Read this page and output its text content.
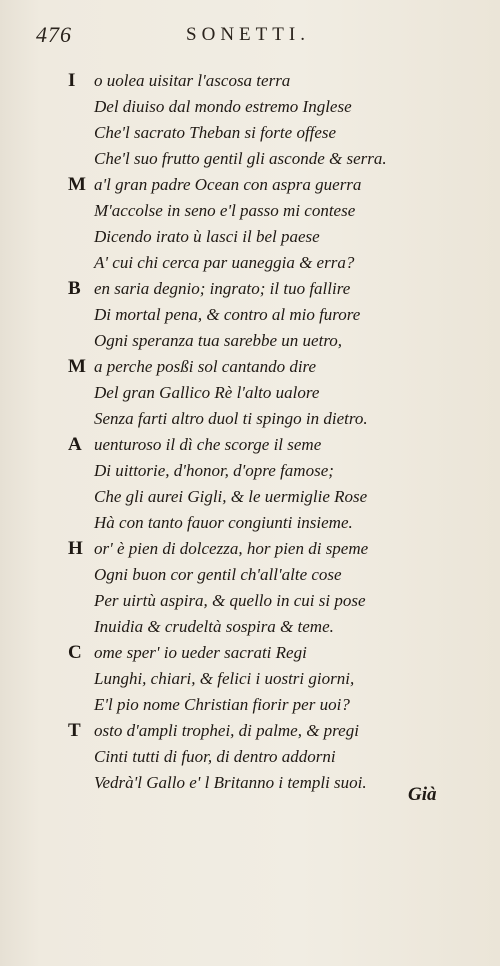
476	SONETTI.
I	o uolea uisitar l'ascosa terra
Del diuiso dal mondo estremo Inglese
Che'l sacrato Theban si forte offese
Che'l suo frutto gentil gli asconde & serra.
M a'l gran padre Ocean con aspra guerra
M'accolse in seno e'l passo mi contese
Dicendo irato ù lasci il bel paese
A' cui chi cerca par uaneggia & erra?
B en saria degnio; ingrato; il tuo fallire
Di mortal pena, & contro al mio furore
Ogni speranza tua sarebbe un uetro,
M a perche posßi sol cantando dire
Del gran Gallico Rè l'alto ualore
Senza farti altro duol ti spingo in dietro.
A uenturoso il dì che scorge il seme
Di uittorie, d'honor, d'opre famose;
Che gli aurei Gigli, & le uermiglie Rose
Hà con tanto fauor congiunti insieme.
H or' è pien di dolcezza, hor pien di speme
Ogni buon cor gentil ch'all'alte cose
Per uirtù aspira, & quello in cui si pose
Inuidia & crudeltà sospira & teme.
C ome sper' io ueder sacrati Regi
Lunghi, chiari, & felici i uostri giorni,
E'l pio nome Christian fiorir per uoi?
T osto d'ampli trophei, di palme, & pregi
Cinti tutti di fuor, di dentro addorni
Vedrà'l Gallo e' l Britanno i templi suoi.
Già
